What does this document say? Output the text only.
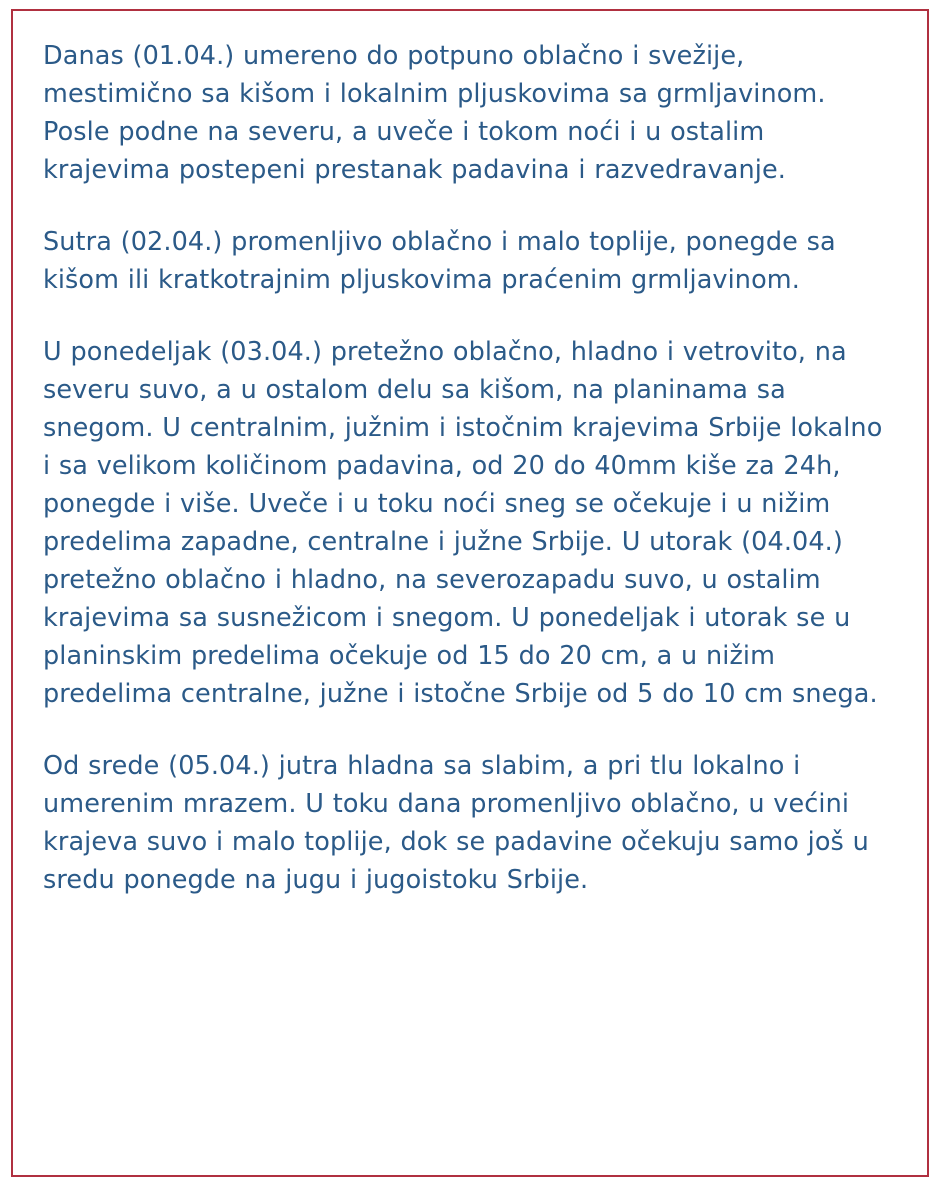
Danas (01.04.) umereno do potpuno oblačno i svežije, mestimično sa kišom i lokalnim pljuskovima sa grmljavinom. Posle podne na severu, a uveče i tokom noći i u ostalim krajevima postepeni prestanak padavina i razvedravanje.

Sutra (02.04.) promenljivo oblačno i malo toplije, ponegde sa kišom ili kratkotrajnim pljuskovima praćenim grmljavinom.

U ponedeljak (03.04.) pretežno oblačno, hladno i vetrovito, na severu suvo, a u ostalom delu sa kišom, na planinama sa snegom. U centralnim, južnim i istočnim krajevima Srbije lokalno i sa velikom količinom padavina, od 20 do 40mm kiše za 24h, ponegde i više. Uveče i u toku noći sneg se očekuje i u nižim predelima zapadne, centralne i južne Srbije. U utorak (04.04.) pretežno oblačno i hladno, na severozapadu suvo, u ostalim krajevima sa susnežicom i snegom. U ponedeljak i utorak se u planinskim predelima očekuje od 15 do 20 cm, a u nižim predelima centralne, južne i istočne Srbije od 5 do 10 cm snega.

Od srede (05.04.) jutra hladna sa slabim, a pri tlu lokalno i umerenim mrazem. U toku dana promenljivo oblačno, u većini krajeva suvo i malo toplije, dok se padavine očekuju samo još u sredu ponegde na jugu i jugoistoku Srbije.
